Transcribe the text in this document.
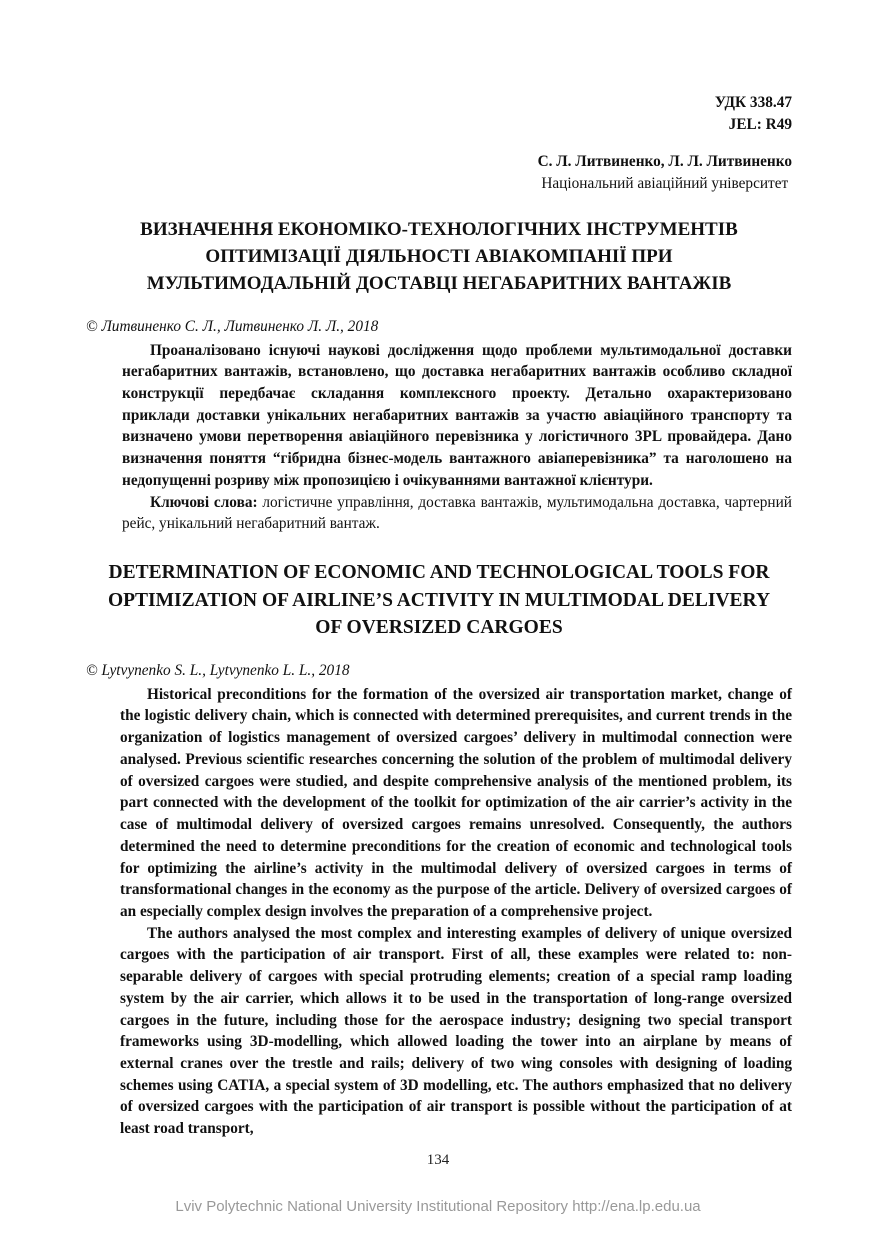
УДК 338.47
JEL: R49
С. Л. Литвиненко, Л. Л. Литвиненко
Національний авіаційний університет
ВИЗНАЧЕННЯ ЕКОНОМІКО-ТЕХНОЛОГІЧНИХ ІНСТРУМЕНТІВ ОПТИМІЗАЦІЇ ДІЯЛЬНОСТІ АВІАКОМПАНІЇ ПРИ МУЛЬТИМОДАЛЬНІЙ ДОСТАВЦІ НЕГАБАРИТНИХ ВАНТАЖІВ
© Литвиненко С. Л., Литвиненко Л. Л., 2018

Проаналізовано існуючі наукові дослідження щодо проблеми мультимодальної доставки негабаритних вантажів, встановлено, що доставка негабаритних вантажів особливо складної конструкції передбачає складання комплексного проекту. Детально охарактеризовано приклади доставки унікальних негабаритних вантажів за участю авіаційного транспорту та визначено умови перетворення авіаційного перевізника у логістичного 3PL провайдера. Дано визначення поняття “гібридна бізнес-модель вантажного авіаперевізника” та наголошено на недопущенні розриву між пропозицією і очікуваннями вантажної клієнтури.

Ключові слова: логістичне управління, доставка вантажів, мультимодальна доставка, чартерний рейс, унікальний негабаритний вантаж.

DETERMINATION OF ECONOMIC AND TECHNOLOGICAL TOOLS FOR OPTIMIZATION OF AIRLINE’S ACTIVITY IN MULTIMODAL DELIVERY OF OVERSIZED CARGOES
© Lytvynenko S. L., Lytvynenko L. L., 2018

Historical preconditions for the formation of the oversized air transportation market, change of the logistic delivery chain, which is connected with determined prerequisites, and current trends in the organization of logistics management of oversized cargoes’ delivery in multimodal connection were analysed. Previous scientific researches concerning the solution of the problem of multimodal delivery of oversized cargoes were studied, and despite comprehensive analysis of the mentioned problem, its part connected with the development of the toolkit for optimization of the air carrier’s activity in the case of multimodal delivery of oversized cargoes remains unresolved. Consequently, the authors determined the need to determine preconditions for the creation of economic and technological tools for optimizing the airline’s activity in the multimodal delivery of oversized cargoes in terms of transformational changes in the economy as the purpose of the article. Delivery of oversized cargoes of an especially complex design involves the preparation of a comprehensive project.

The authors analysed the most complex and interesting examples of delivery of unique oversized cargoes with the participation of air transport. First of all, these examples were related to: non-separable delivery of cargoes with special protruding elements; creation of a special ramp loading system by the air carrier, which allows it to be used in the transportation of long-range oversized cargoes in the future, including those for the aerospace industry; designing two special transport frameworks using 3D-modelling, which allowed loading the tower into an airplane by means of external cranes over the trestle and rails; delivery of two wing consoles with designing of loading schemes using CATIA, a special system of 3D modelling, etc. The authors emphasized that no delivery of oversized cargoes with the participation of air transport is possible without the participation of at least road transport,

134
Lviv Polytechnic National University Institutional Repository http://ena.lp.edu.ua
